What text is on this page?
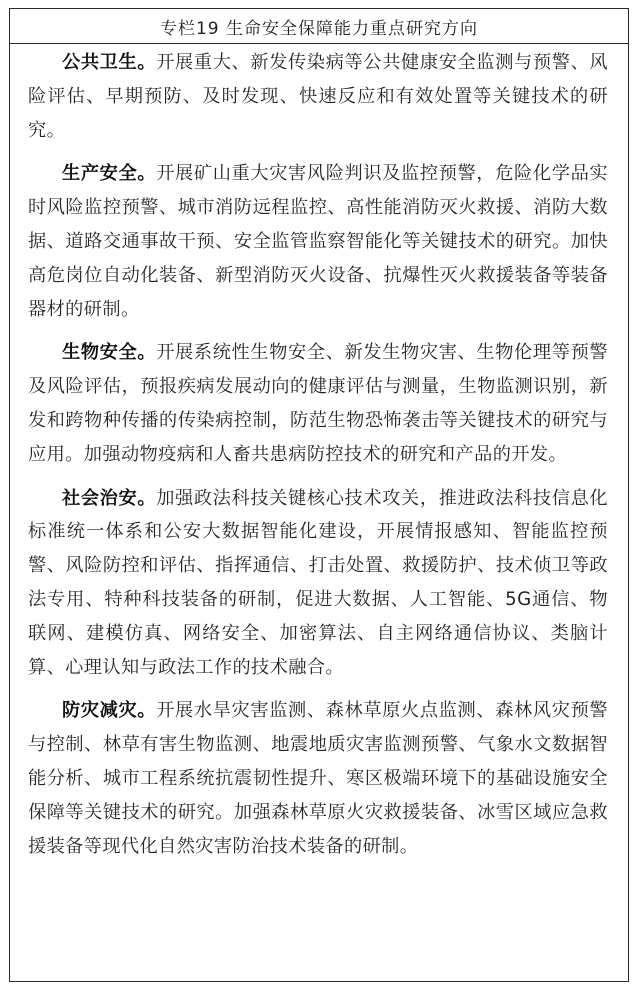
专栏19 生命安全保障能力重点研究方向

公共卫生。开展重大、新发传染病等公共健康安全监测与预警、风险评估、早期预防、及时发现、快速反应和有效处置等关键技术的研究。

生产安全。开展矿山重大灾害风险判识及监控预警，危险化学品实时风险监控预警、城市消防远程监控、高性能消防灭火救援、消防大数据、道路交通事故干预、安全监管监察智能化等关键技术的研究。加快高危岗位自动化装备、新型消防灭火设备、抗爆性灭火救援装备等装备器材的研制。

生物安全。开展系统性生物安全、新发生物灾害、生物伦理等预警及风险评估，预报疾病发展动向的健康评估与测量，生物监测识别，新发和跨物种传播的传染病控制，防范生物恐怖袭击等关键技术的研究与应用。加强动物疫病和人畜共患病防控技术的研究和产品的开发。

社会治安。加强政法科技关键核心技术攻关，推进政法科技信息化标准统一体系和公安大数据智能化建设，开展情报感知、智能监控预警、风险防控和评估、指挥通信、打击处置、救援防护、技术侦卫等政法专用、特种科技装备的研制，促进大数据、人工智能、5G通信、物联网、建模仿真、网络安全、加密算法、自主网络通信协议、类脑计算、心理认知与政法工作的技术融合。

防灾减灾。开展水旱灾害监测、森林草原火点监测、森林风灾预警与控制、林草有害生物监测、地震地质灾害监测预警、气象水文数据智能分析、城市工程系统抗震韧性提升、寒区极端环境下的基础设施安全保障等关键技术的研究。加强森林草原火灾救援装备、冰雪区域应急救援装备等现代化自然灾害防治技术装备的研制。
